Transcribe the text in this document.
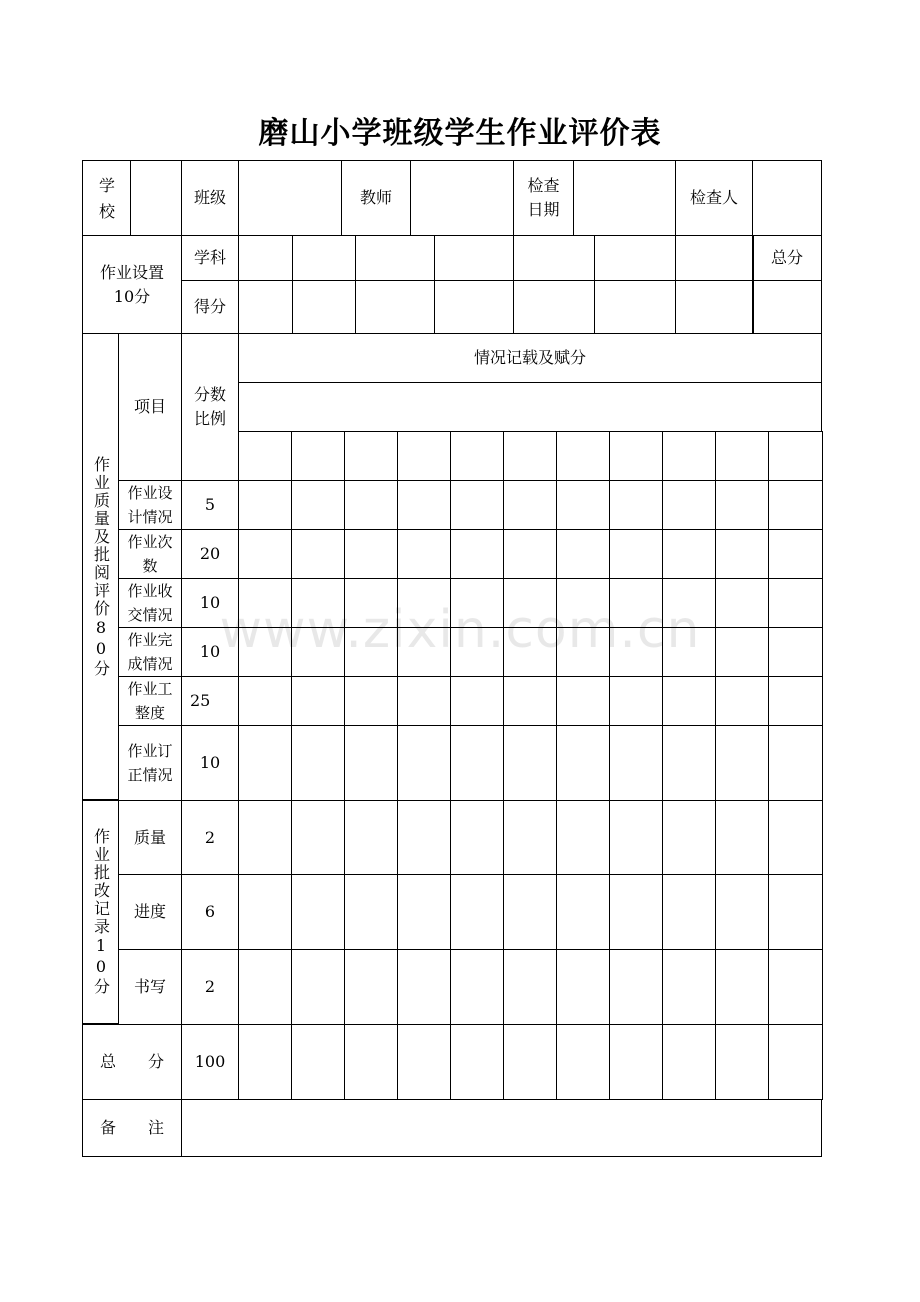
磨山小学班级学生作业评价表
学
校
班级	教师
检查
日期
检查人
作业设置
10分
学科
得分
总分
作业质量及批阅评价80分
项目
分数
比例
情况记载及赋分
作业批改记录10分
总　　分 100
备　　注
作业设
计情况
5
作业次
数
20
作业收
交情况
10
作业完
成情况
10
作业工
整度
25
作业订
正情况
10
质量 2
进度 6
书写 2
www.zixin.com.cn
